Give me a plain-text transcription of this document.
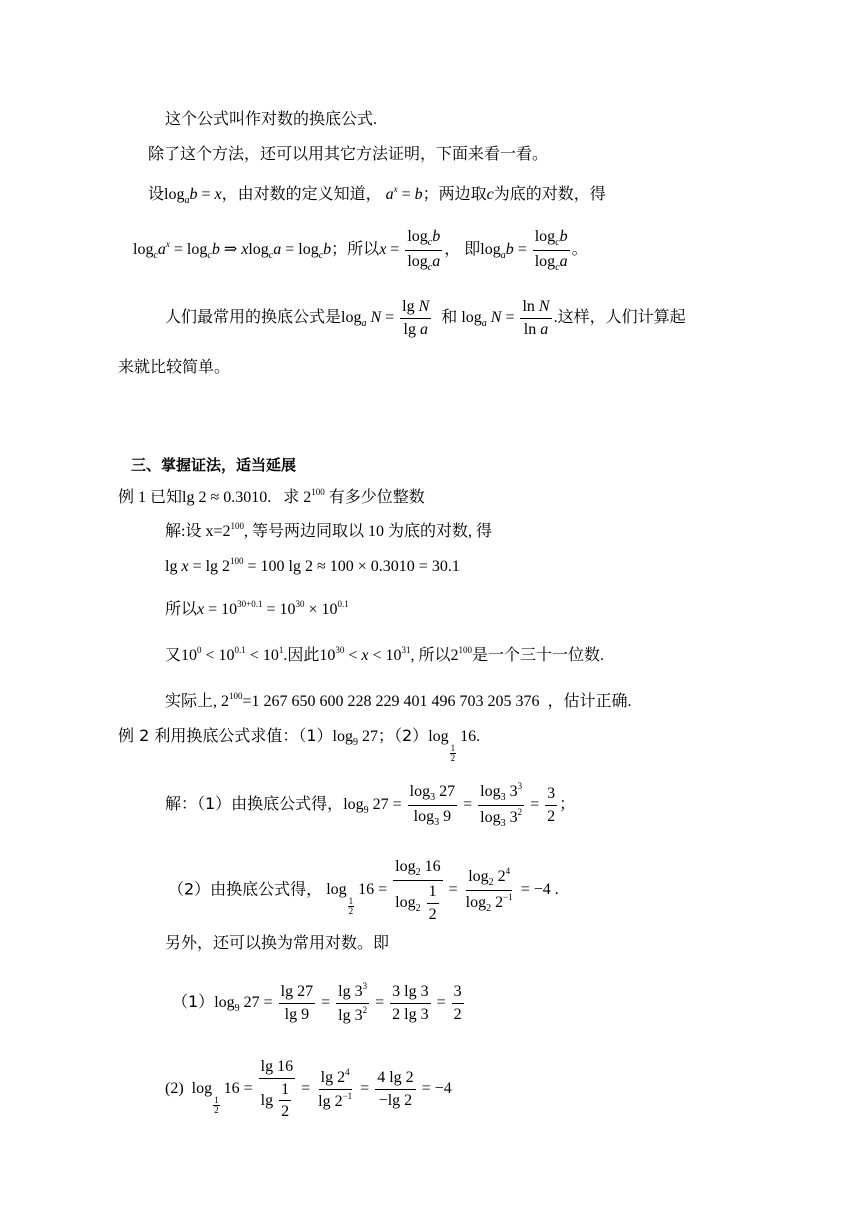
这个公式叫作对数的换底公式.
除了这个方法，还可以用其它方法证明，下面来看一看。
设$\log_ab = x$，由对数的定义知道， $a^x = b$；两边取c为底的对数，得
$\log_ca^x = \log_cb$ ⇒ $xlog_ca = \log_cb$；所以$x = \frac{\log_cb}{\log_ca}$ ， 即$\log_ab = \frac{\log_cb}{\log_ca}$ 。
人们最常用的换底公式是$\log_a N = \frac{\text{lg N}}{\text{lg a}}$ 和 $\log_a N = \frac{\text{ln N}}{\text{ln a}}$ .这样，人们计算起
来就比较简单。
三、掌握证法，适当延展
例 1 已知lg 2 ≈ 0.3010. 求 $2^{100}$ 有多少位整数
解:设 $x=2^{100}$, 等号两边同取以 10 为底的对数, 得
$\lg x = \lg 2^{100} = 100$ lg 2 ≈ 100 × 0.3010 = 30.1
所以$x = 10^{30+0.1} = 10^{30} \times 10^{0.1}$
又$10^0 < 10^{0.1} < 10^1$.因此$10^{30} < x < 10^{31}$, 所以$2^{100}$是一个三十一位数.
实际上, $2^{100}=1$ 267 650 600 228 229 401 496 703 205 376 ，估计正确.
例 2 利用换底公式求值：$(1)\log_9$ 27；（2）log
$\frac{1}{2}$
16.
解：（1）由换底公式得，$\log_9 27 = \frac{\log_3 27}{\log_3 9} = \frac{\log_3 3^3}{\log_3 3^2} = \frac{3}{2}$ ；
（2）由换底公式得， log
$\frac{1}{2}$
$16 = \frac{\log_2 16}{\log_2 \frac{1}{2}} = \frac{\log_2 2^4}{\log_2 2^{-1}} = -4$ .
另外，还可以换为常用对数。即
$(1)\log_9$ $27 = \frac{\lg 27}{\lg 9} = \frac{\lg 3^3}{\lg 3^2} = \frac{3 \lg 3}{2 \lg 3} = \frac{3}{2}$
(2) log
$\frac{1}{2}$
$16 = \frac{\lg 16}{\lg \frac{1}{2}} = \frac{\lg 2^4}{\lg 2^{-1}} = \frac{4 \lg 2}{-\lg 2} = -4$
